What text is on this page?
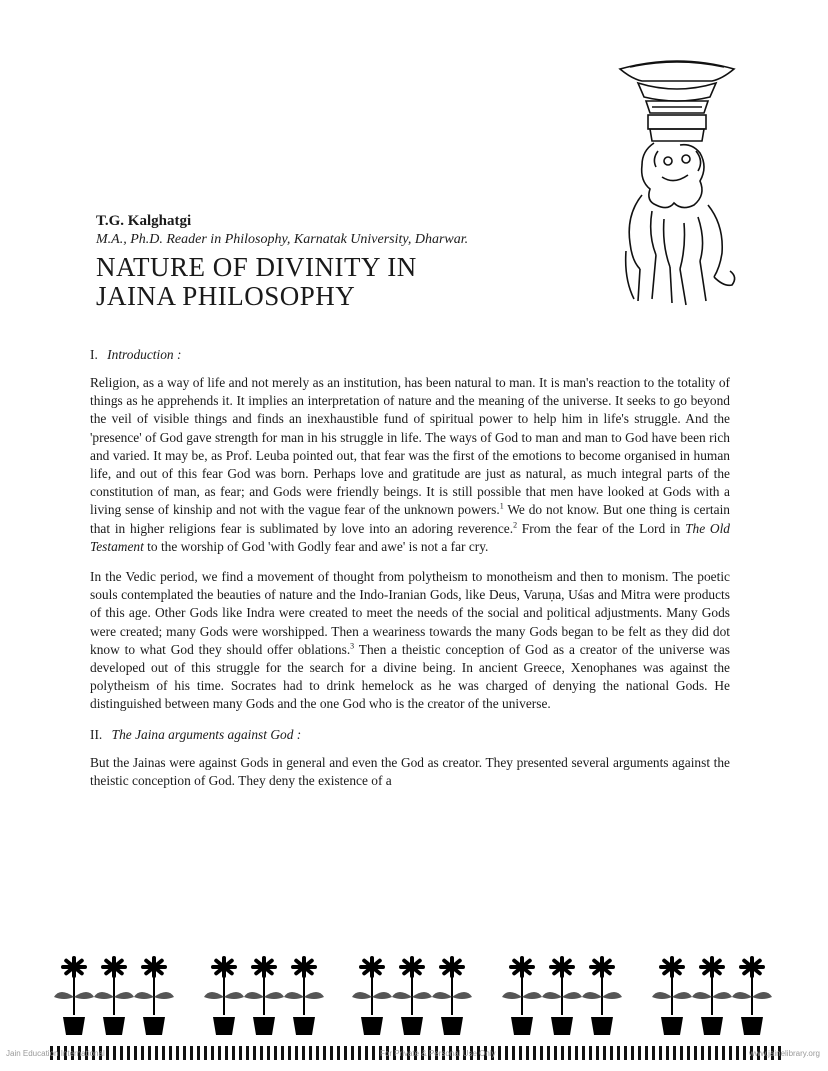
T.G. Kalghatgi

M.A., Ph.D. Reader in Philosophy, Karnatak University, Dharwar.

NATURE OF DIVINITY IN
JAINA PHILOSOPHY

I. Introduction :

Religion, as a way of life and not merely as an institution, has been natural to man. It is man's reaction to the totality of things as he apprehends it. It implies an interpretation of nature and the meaning of the universe. It seeks to go beyond the veil of visible things and finds an inexhaustible fund of spiritual power to help him in life's struggle. And the 'presence' of God gave strength for man in his struggle in life. The ways of God to man and man to God have been rich and varied. It may be, as Prof. Leuba pointed out, that fear was the first of the emotions to become organised in human life, and out of this fear God was born. Perhaps love and gratitude are just as natural, as much integral parts of the constitution of man, as fear; and Gods were friendly beings. It is still possible that men have looked at Gods with a living sense of kinship and not with the vague fear of the unknown powers.$^1$ We do not know. But one thing is certain that in higher religions fear is sublimated by love into an adoring reverence.$^2$ From the fear of the Lord in The Old Testament to the worship of God 'with Godly fear and awe' is not a far cry.

In the Vedic period, we find a movement of thought from polytheism to monotheism and then to monism. The poetic souls contemplated the beauties of nature and the Indo-Iranian Gods, like Deus, Varuṇa, Uśas and Mitra were products of this age. Other Gods like Indra were created to meet the needs of the social and political adjustments. Many Gods were created; many Gods were worshipped. Then a weariness towards the many Gods began to be felt as they did dot know to what God they should offer oblations.$^3$ Then a theistic conception of God as a creator of the universe was developed out of this struggle for the search for a divine being. In ancient Greece, Xenophanes was against the polytheism of his time. Socrates had to drink hemelock as he was charged of denying the national Gods. He distinguished between many Gods and the one God who is the creator of the universe.

II. The Jaina arguments against God :

But the Jainas were against Gods in general and even the God as creator. They presented several arguments against the theistic conception of God. They deny the existence of a

Jain Education International	For Private & Personal Use Only	www.jainelibrary.org
